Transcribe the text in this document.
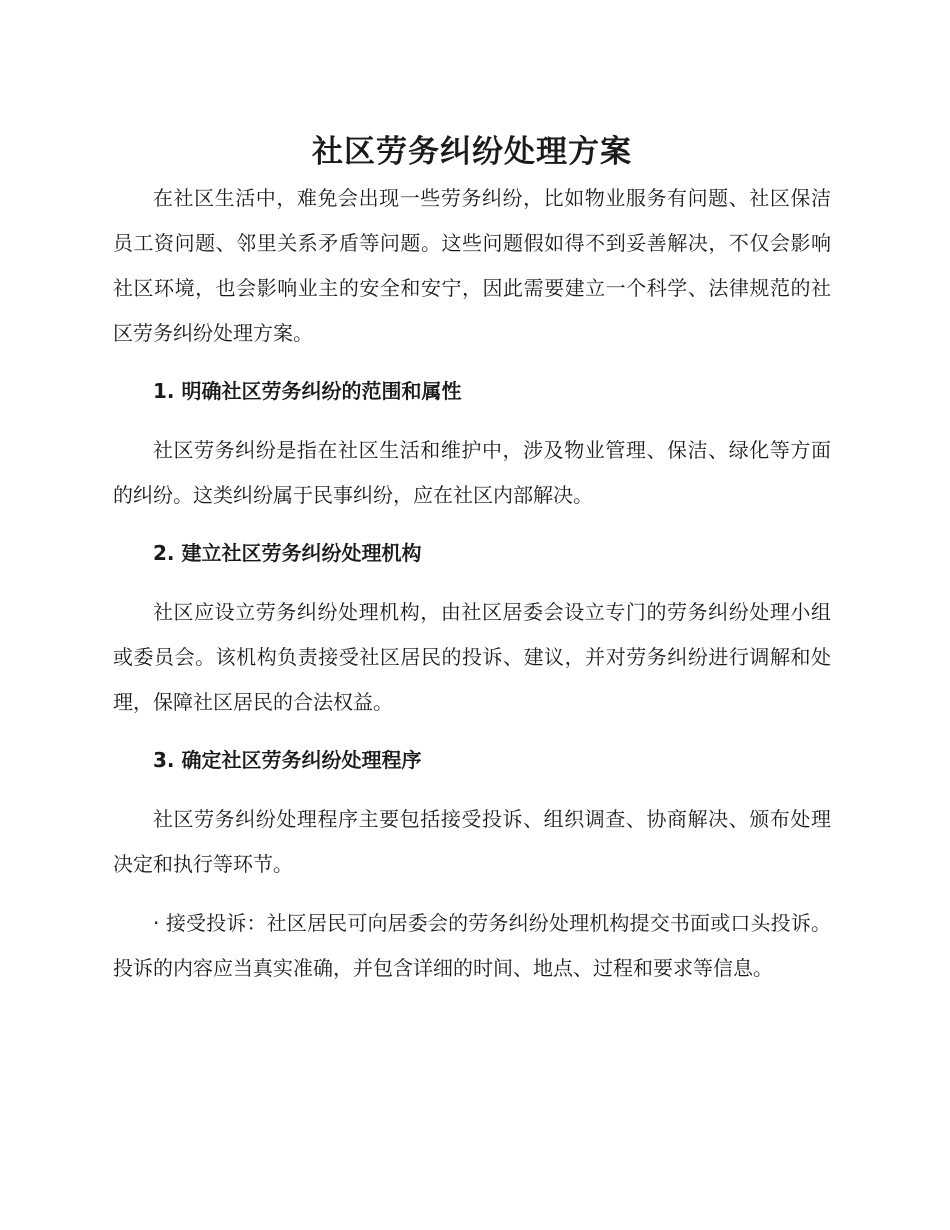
社区劳务纠纷处理方案

在社区生活中，难免会出现一些劳务纠纷，比如物业服务有问题、社区保洁员工资问题、邻里关系矛盾等问题。这些问题假如得不到妥善解决，不仅会影响社区环境，也会影响业主的安全和安宁，因此需要建立一个科学、法律规范的社区劳务纠纷处理方案。

1. 明确社区劳务纠纷的范围和属性

社区劳务纠纷是指在社区生活和维护中，涉及物业管理、保洁、绿化等方面的纠纷。这类纠纷属于民事纠纷，应在社区内部解决。

2. 建立社区劳务纠纷处理机构

社区应设立劳务纠纷处理机构，由社区居委会设立专门的劳务纠纷处理小组或委员会。该机构负责接受社区居民的投诉、建议，并对劳务纠纷进行调解和处理，保障社区居民的合法权益。

3. 确定社区劳务纠纷处理程序

社区劳务纠纷处理程序主要包括接受投诉、组织调查、协商解决、颁布处理决定和执行等环节。

· 接受投诉：社区居民可向居委会的劳务纠纷处理机构提交书面或口头投诉。投诉的内容应当真实准确，并包含详细的时间、地点、过程和要求等信息。
